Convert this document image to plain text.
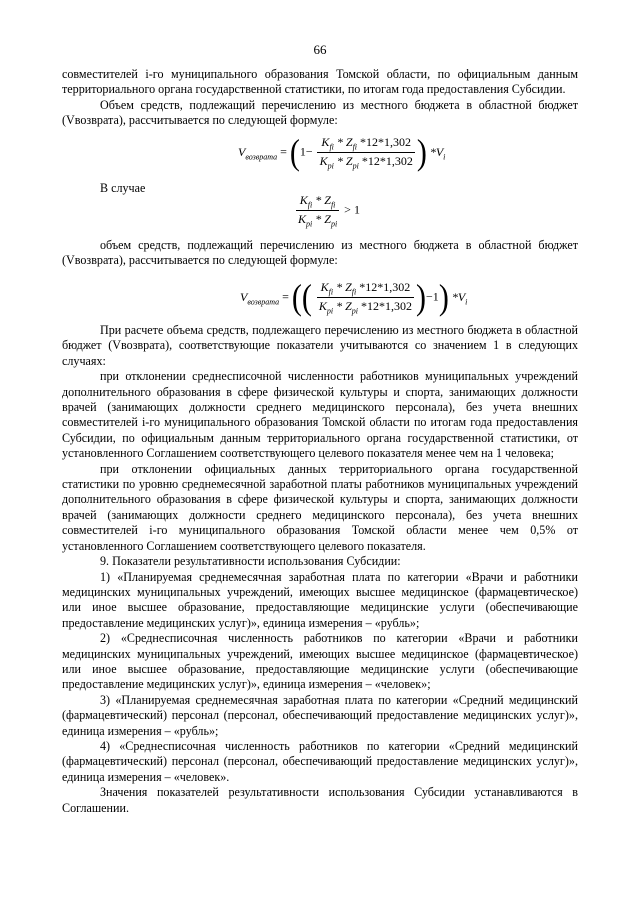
66

совместителей i-го муниципального образования Томской области, по официальным данным территориального органа государственной статистики, по итогам года предоставления Субсидии.

Объем средств, подлежащий перечислению из местного бюджета в областной бюджет (Vвозврата), рассчитывается по следующей формуле:

$V_{возврата} = (1- \frac{K_{fi} * Z_{fi} *12*1,302}{K_{pi} * Z_{pi} *12*1,302}$ ) $*V_i$

В случае

$\frac{K_{fi} * Z_{fi}}{K_{pi} * Z_{pi}} > 1$

объем средств, подлежащий перечислению из местного бюджета в областной бюджет (Vвозврата), рассчитывается по следующей формуле:

$V_{возврата}$ = (( $\frac{K_{fi} * Z_{fi} *12*1,302}{K_{pi} * Z_{pi} *12*1,302} )-1$) $*V_i$

При расчете объема средств, подлежащего перечислению из местного бюджета в областной бюджет (Vвозврата), соответствующие показатели учитываются со значением 1 в следующих случаях:

при отклонении среднесписочной численности работников муниципальных учреждений дополнительного образования в сфере физической культуры и спорта, занимающих должности врачей (занимающих должности среднего медицинского персонала), без учета внешних совместителей i-го муниципального образования Томской области по итогам года предоставления Субсидии, по официальным данным территориального органа государственной статистики, от установленного Соглашением соответствующего целевого показателя менее чем на 1 человека;

при отклонении официальных данных территориального органа государственной статистики по уровню среднемесячной заработной платы работников муниципальных учреждений дополнительного образования в сфере физической культуры и спорта, занимающих должности врачей (занимающих должности среднего медицинского персонала), без учета внешних совместителей i-го муниципального образования Томской области менее чем 0,5% от установленного Соглашением соответствующего целевого показателя.

9. Показатели результативности использования Субсидии:

1) «Планируемая среднемесячная заработная плата по категории «Врачи и работники медицинских муниципальных учреждений, имеющих высшее медицинское (фармацевтическое) или иное высшее образование, предоставляющие медицинские услуги (обеспечивающие предоставление медицинских услуг)», единица измерения – «рубль»;

2) «Среднесписочная численность работников по категории «Врачи и работники медицинских муниципальных учреждений, имеющих высшее медицинское (фармацевтическое) или иное высшее образование, предоставляющие медицинские услуги (обеспечивающие предоставление медицинских услуг)», единица измерения – «человек»;

3) «Планируемая среднемесячная заработная плата по категории «Средний медицинский (фармацевтический) персонал (персонал, обеспечивающий предоставление медицинских услуг)», единица измерения – «рубль»;

4) «Среднесписочная численность работников по категории «Средний медицинский (фармацевтический) персонал (персонал, обеспечивающий предоставление медицинских услуг)», единица измерения – «человек».

Значения показателей результативности использования Субсидии устанавливаются в Соглашении.
